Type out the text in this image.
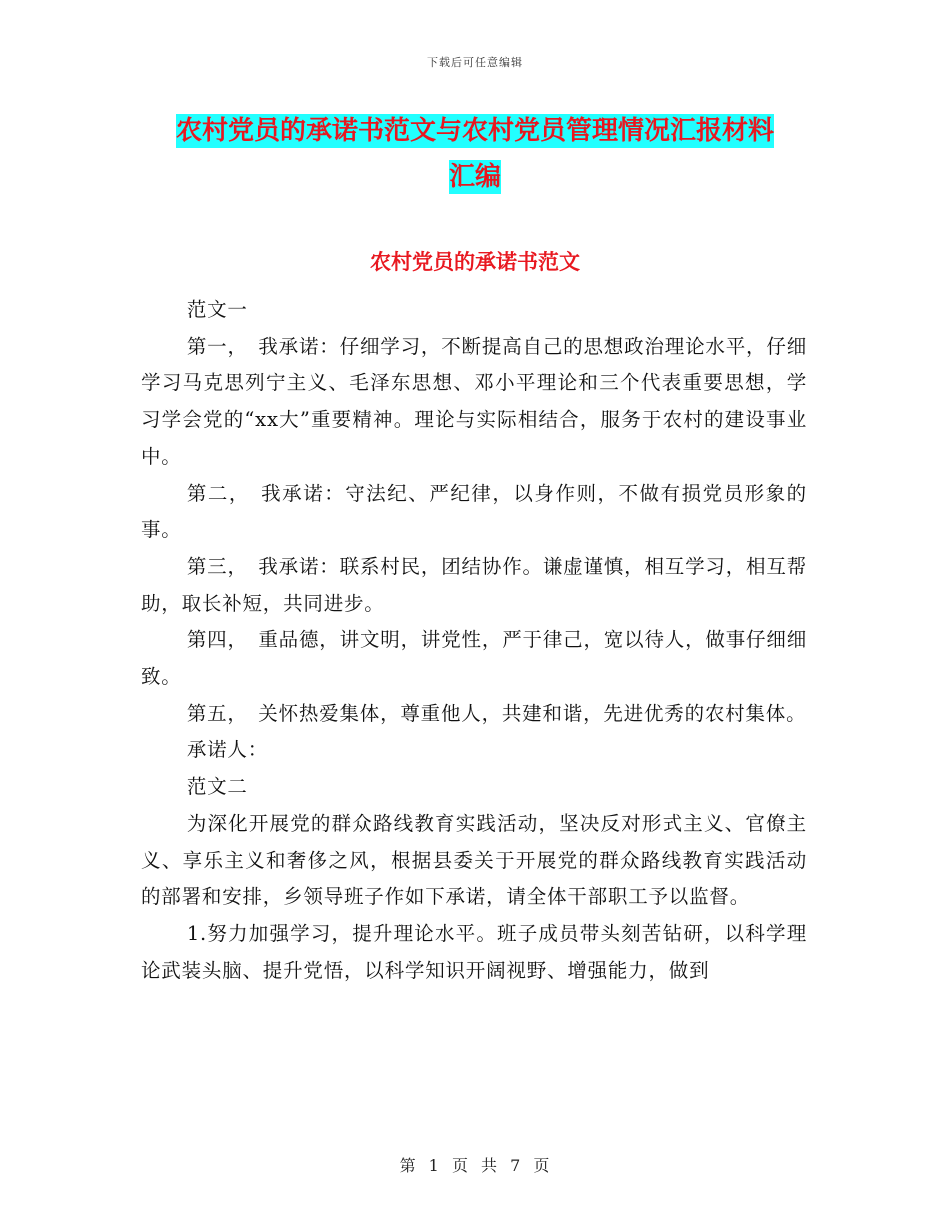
下载后可任意编辑
农村党员的承诺书范文与农村党员管理情况汇报材料
汇编
农村党员的承诺书范文

范文一

第一，　我承诺：仔细学习，不断提高自己的思想政治理论水平，仔细学习马克思列宁主义、毛泽东思想、邓小平理论和三个代表重要思想，学习学会党的“xx大”重要精神。理论与实际相结合，服务于农村的建设事业中。

第二，　我承诺：守法纪、严纪律，以身作则，不做有损党员形象的事。

第三，　我承诺：联系村民，团结协作。谦虚谨慎，相互学习，相互帮助，取长补短，共同进步。

第四，　重品德，讲文明，讲党性，严于律己，宽以待人，做事仔细细致。

第五，　关怀热爱集体，尊重他人，共建和谐，先进优秀的农村集体。

承诺人：

范文二

为深化开展党的群众路线教育实践活动，坚决反对形式主义、官僚主义、享乐主义和奢侈之风，根据县委关于开展党的群众路线教育实践活动的部署和安排，乡领导班子作如下承诺，请全体干部职工予以监督。

1.努力加强学习，提升理论水平。班子成员带头刻苦钻研，以科学理论武装头脑、提升党悟，以科学知识开阔视野、增强能力，做到

第 1 页 共 7 页
